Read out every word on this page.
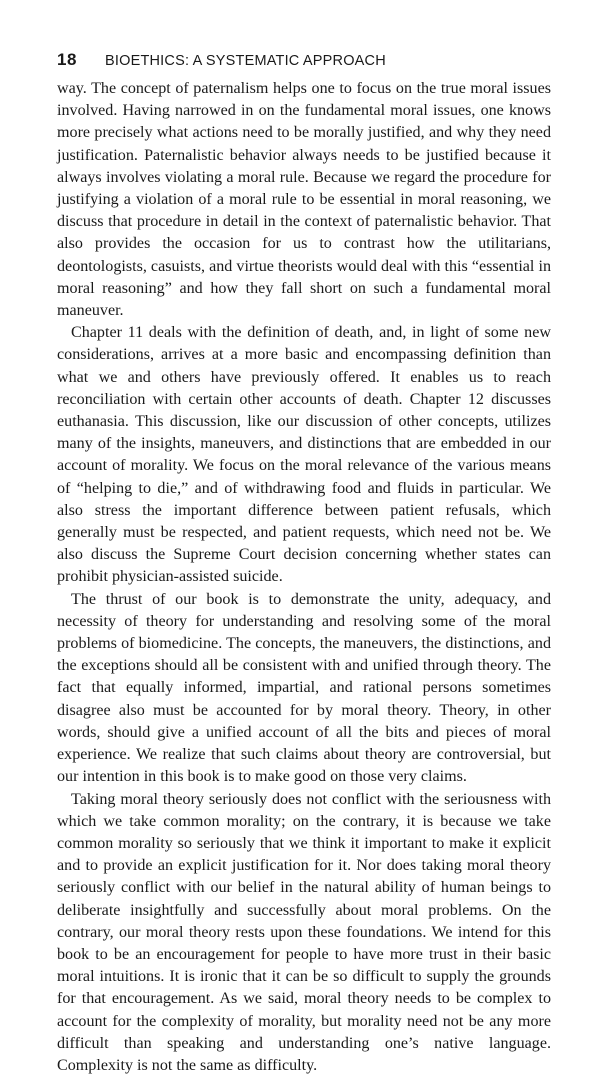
18 BIOETHICS: A SYSTEMATIC APPROACH

way. The concept of paternalism helps one to focus on the true moral issues involved. Having narrowed in on the fundamental moral issues, one knows more precisely what actions need to be morally justified, and why they need justification. Paternalistic behavior always needs to be justified because it always involves violating a moral rule. Because we regard the procedure for justifying a violation of a moral rule to be essential in moral reasoning, we discuss that procedure in detail in the context of paternalistic behavior. That also provides the occasion for us to contrast how the utilitarians, deontologists, casuists, and virtue theorists would deal with this “essential in moral reasoning” and how they fall short on such a fundamental moral maneuver.

Chapter 11 deals with the definition of death, and, in light of some new considerations, arrives at a more basic and encompassing definition than what we and others have previously offered. It enables us to reach reconciliation with certain other accounts of death. Chapter 12 discusses euthanasia. This discussion, like our discussion of other concepts, utilizes many of the insights, maneuvers, and distinctions that are embedded in our account of morality. We focus on the moral relevance of the various means of “helping to die,” and of withdrawing food and fluids in particular. We also stress the important difference between patient refusals, which generally must be respected, and patient requests, which need not be. We also discuss the Supreme Court decision concerning whether states can prohibit physician-assisted suicide.

The thrust of our book is to demonstrate the unity, adequacy, and necessity of theory for understanding and resolving some of the moral problems of biomedicine. The concepts, the maneuvers, the distinctions, and the exceptions should all be consistent with and unified through theory. The fact that equally informed, impartial, and rational persons sometimes disagree also must be accounted for by moral theory. Theory, in other words, should give a unified account of all the bits and pieces of moral experience. We realize that such claims about theory are controversial, but our intention in this book is to make good on those very claims.

Taking moral theory seriously does not conflict with the seriousness with which we take common morality; on the contrary, it is because we take common morality so seriously that we think it important to make it explicit and to provide an explicit justification for it. Nor does taking moral theory seriously conflict with our belief in the natural ability of human beings to deliberate insightfully and successfully about moral problems. On the contrary, our moral theory rests upon these foundations. We intend for this book to be an encouragement for people to have more trust in their basic moral intuitions. It is ironic that it can be so difficult to supply the grounds for that encouragement. As we said, moral theory needs to be complex to account for the complexity of morality, but morality need not be any more difficult than speaking and understanding one’s native language. Complexity is not the same as difficulty.
